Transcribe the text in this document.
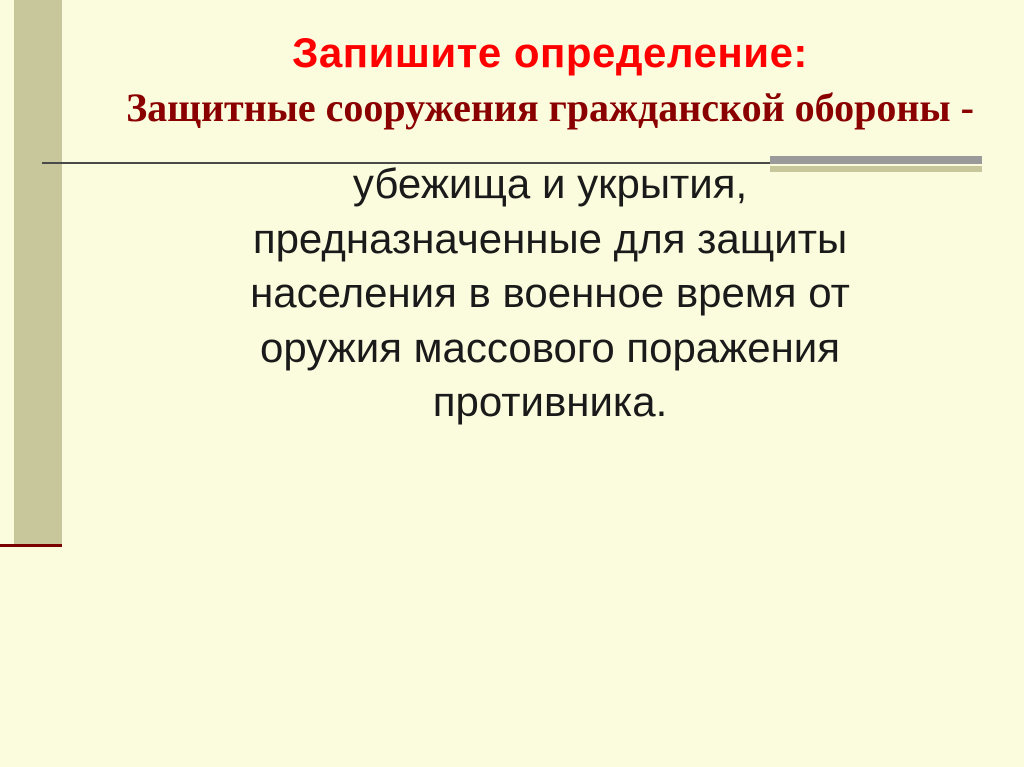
Запишите определение:
Защитные сооружения гражданской обороны -
убежища и укрытия,
предназначенные для защиты
населения в военное время от
оружия массового поражения
противника.
